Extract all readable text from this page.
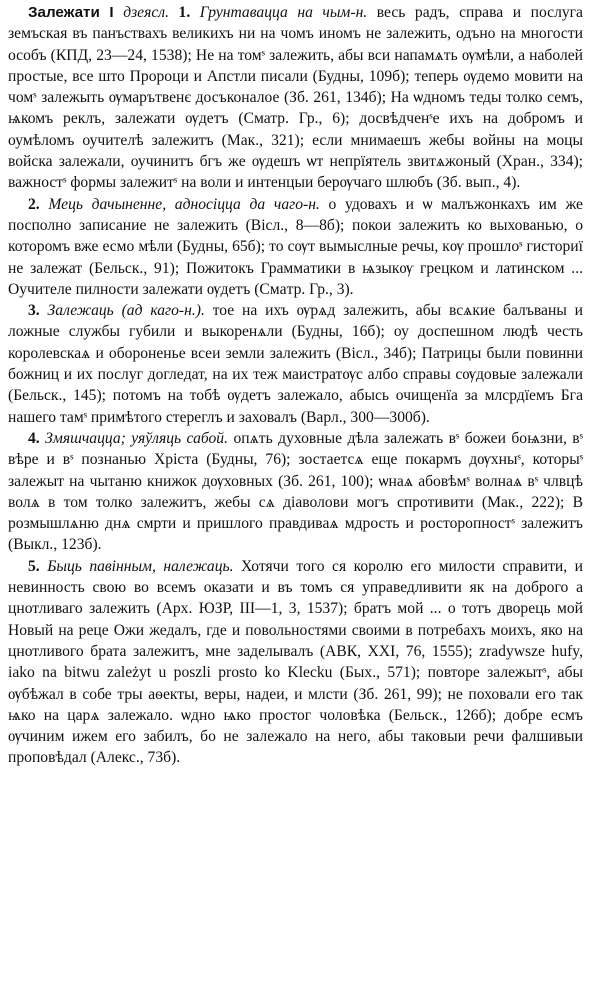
Залежати I дзеясл. 1. Грунтавацца на чым-н. весь радъ, справа и послуга земъская въ панъствахъ великихъ ни на чомъ иномъ не залежить, одъно на многости особъ (КПД, 23—24, 1538); Не на томˢ залежить, абы вси напамѧть ѹмѣли, а наболей простые, все што Пророци и Апстли писали (Будны, 109б); теперь ѹдемо мовити на чомˢ залежыть ѹмарътвенє досъконалое (Зб. 261, 134б); На ѡдномъ теды толко семъ, ѩкомъ реклъ, залежати ѹдетъ (Сматр. Гр., 6); досвѣдченˢе ихъ на добромъ и оумѣломъ оучителѣ залежитъ (Мак., 321); если мнимаешъ жебы войны на моцы войска залежали, оучинитъ бгъ же ѹдешъ ѡт непрїятель звитѧжоный (Хран., 334); важностˢ формы залежитˢ на воли и интенцыи берѹчаго шлюбъ (Зб. вып., 4).

2. Мець дачыненне, адносіцца да чаго-н. о удовахъ и ѡ малъжонкахъ им же посполно зaписание не залежить (Вісл., 8—8б); покои залежить ко выхованью, о которомъ вже есмо мѣли (Будны, 65б); то сѹт вымыслные речы, кѹ прошлоˢ гисториї не залежат (Бельск., 91); Пожитокъ Граммaтики в ѩзыкѹ грецком и латинском ... Оучителе пилности залежати ѹдетъ (Смaтр. Гр., 3).

3. Залежаць (ад каго-н.). тое на ихъ ѹрѧд залежить, абы всѧкие балъваны и ложные службы губили и выкоренѧли (Будны, 16б); оу доспешном людѣ честь королевскаѧ и обороненье всеи земли залежить (Вісл., 34б); Патрицы были повинни божниц и их послуг доглeдат, на их теж маистратѹс албо справы сѹдовые залежали (Бельск., 145); потомъ на тобѣ ѹдетъ залежало, абысь очищенїа за млсрдїемъ Бга нашего тамˢ примѣтого стереглъ и заховалъ (Варл., 300—300б).

4. Змяшчацца; уяўляць сабой. опѧть духовные дѣла залежать вˢ божеи боѩзни, вˢ вѣре и вˢ познанью Хріста (Будны, 76); зостаетсѧ еще покармъ дѹхныˢ, которыˢ залежыт на чытаню книжок дѹховных (Зб. 261, 100); ѡнаѧ абовѣмˢ волнаѧ вˢ члвцѣ волѧ в том толко залежитъ, жебы сѧ діаволови могъ спротивити (Мак., 222); В розмышлѧню днѧ смрти и пришлого правдиваѧ мдрость и росторопностˢ залежитъ (Выкл., 123б).

5. Быць павінным, належаць. Хотячи того ся королю его милости справити, и невинность свою во всемъ оказати и въ томъ ся управедливити як на доброго а цнотливаго залежить (Арх. ЮЗР, III—1, 3, 1537); братъ мой ... о тотъ дворець мой Новый на реце Ожи жедалъ, где и повольностями своими в потребахъ моихъ, яко на цнотливого брата залежитъ, мне заделывалъ (АВК, XXI, 76, 1555); zradywsze hufy, iako na bitwu zależyt u poszli prosto ko Klecku (Быx., 571); повторе залежытˢ, абы ѹбѣжал в собе тры аѳекты, веры, надеи, и млсти (Зб. 261, 99); не поховали его так ѩко на царѧ залежало. ѡдно ѩко простог чоловѣка (Бельск., 126б); добре есмъ ѹчиним ижем его забилъ, бо не залежало на него, абы таковыи речи фалшивыи проповѣдал (Алекс., 73б).
